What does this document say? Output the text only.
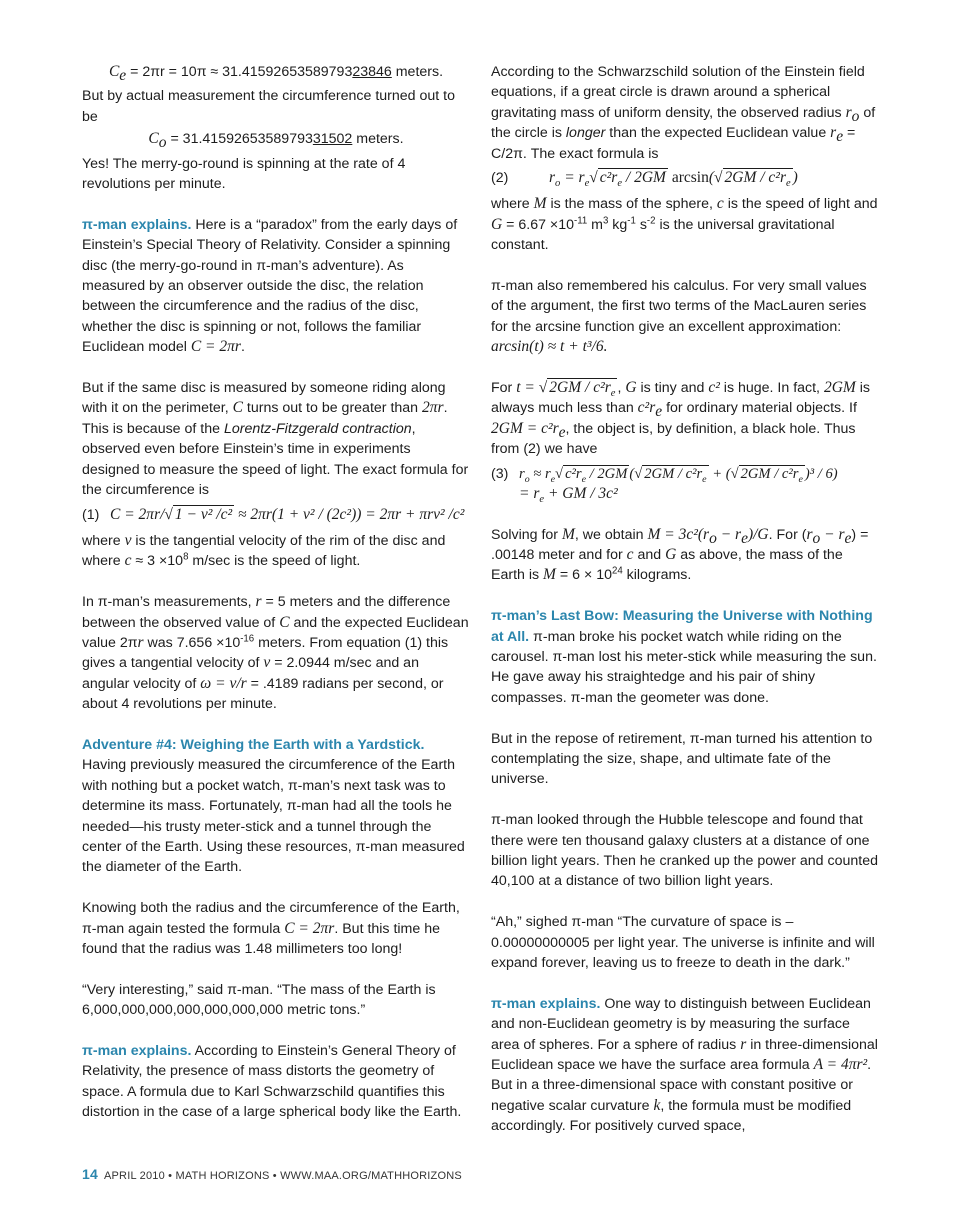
$C_e = 2\pi r = 10\pi \approx 31.4159265358979323846$ meters.

But by actual measurement the circumference turned out to be

$C_o = 31.4159265358979331502$ meters.

Yes! The merry-go-round is spinning at the rate of 4 revolutions per minute.

π-man explains. Here is a “paradox” from the early days of Einstein’s Special Theory of Relativity. Consider a spinning disc (the merry-go-round in π-man’s adventure). As measured by an observer outside the disc, the relation between the circumference and the radius of the disc, whether the disc is spinning or not, follows the familiar Euclidean model C = 2πr.

But if the same disc is measured by someone riding along with it on the perimeter, C turns out to be greater than 2πr. This is because of the Lorentz-Fitzgerald contraction, observed even before Einstein’s time in experiments designed to measure the speed of light. The exact formula for the circumference is

(1) C = 2πr/√ 1 − v² /c² ≈ 2πr(1 + v² / (2c²)) = 2πr + πrv² /c²

where v is the tangential velocity of the rim of the disc and where $c \approx 3 \times 10^8$ m/sec is the speed of light.

In π-man’s measurements, r = 5 meters and the difference between the observed value of C and the expected Euclidean value 2πr was $7.656 \times 10^{-16}$ meters. From equation (1) this gives a tangential velocity of v = 2.0944 m/sec and an angular velocity of ω = v/r = .4189 radians per second, or about 4 revolutions per minute.

Adventure #4: Weighing the Earth with a Yardstick. Having previously measured the circumference of the Earth with nothing but a pocket watch, π-man’s next task was to determine its mass. Fortunately, π-man had all the tools he needed—his trusty meter-stick and a tunnel through the center of the Earth. Using these resources, π-man measured the diameter of the Earth.

Knowing both the radius and the circumference of the Earth, π-man again tested the formula C = 2πr. But this time he found that the radius was 1.48 millimeters too long!

“Very interesting,” said π-man. “The mass of the Earth is 6,000,000,000,000,000,000,000 metric tons.”

π-man explains. According to Einstein’s General Theory of Relativity, the presence of mass distorts the geometry of space. A formula due to Karl Schwarzschild quantifies this distortion in the case of a large spherical body like the Earth.

According to the Schwarzschild solution of the Einstein field equations, if a great circle is drawn around a spherical gravitating mass of uniform density, the observed radius $r_o$ of the circle is longer than the expected Euclidean value $r_e = C/2\pi$. The exact formula is

(2)	$r_o = r_e√$ $c^2r_e / 2GM$ arcsin(√ $2GM / c^2r_e$ )

where M is the mass of the sphere, c is the speed of light and $G = 6.67 \times 10^{-11}$ $m^3$ $kg^{-1}$ $s^{-2}$ is the universal gravitational constant.

π-man also remembered his calculus. For very small values of the argument, the first two terms of the MacLauren series for the arcsine function give an excellent approximation: arcsin(t) ≈ t + t³/6.

For t = √ $2GM / c^2r_e$ , G is tiny and c² is huge. In fact, 2GM is always much less than $c^2r_e$ for ordinary material objects. If $2GM = c^2r_e$, the object is, by definition, a black hole. Thus from (2) we have

(3) $r_o \approx r_e√$ $c^2r_e / 2GM$ (√ $2GM / c^2r_e$ + (√ $2GM / c^2r_e$ )³ / 6)
= $r_e$ + GM / 3c²

Solving for M, we obtain $M = 3c^2(r_o - r_e)/G$. For $(r_o - r_e) = .00148$ meter and for c and G as above, the mass of the Earth is $M = 6 \times 10^{24}$ kilograms.

π-man’s Last Bow: Measuring the Universe with Nothing at All. π-man broke his pocket watch while riding on the carousel. π-man lost his meter-stick while measuring the sun. He gave away his straightedge and his pair of shiny compasses. π-man the geometer was done.

But in the repose of retirement, π-man turned his attention to contemplating the size, shape, and ultimate fate of the universe.

π-man looked through the Hubble telescope and found that there were ten thousand galaxy clusters at a distance of one billion light years. Then he cranked up the power and counted 40,100 at a distance of two billion light years.

“Ah,” sighed π-man “The curvature of space is –0.00000000005 per light year. The universe is infinite and will expand forever, leaving us to freeze to death in the dark.”

π-man explains. One way to distinguish between Euclidean and non-Euclidean geometry is by measuring the surface area of spheres. For a sphere of radius r in three-dimensional Euclidean space we have the surface area formula A = 4πr². But in a three-dimensional space with constant positive or negative scalar curvature k, the formula must be modified accordingly. For positively curved space,

14 APRIL 2010 • MATH HORIZONS • WWW.MAA.ORG/MATHHORIZONS
